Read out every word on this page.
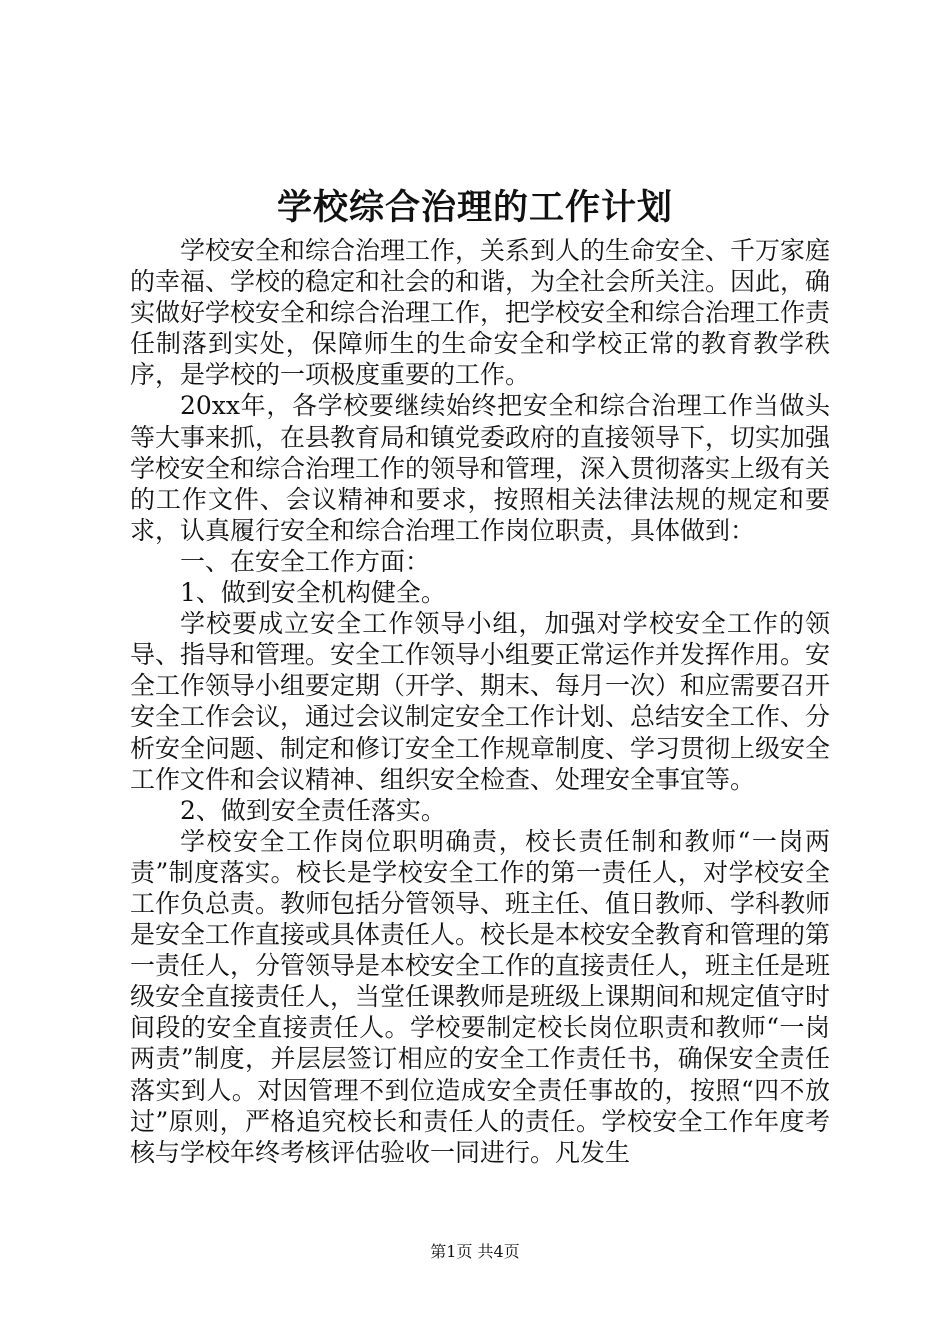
学校综合治理的工作计划

学校安全和综合治理工作，关系到人的生命安全、千万家庭的幸福、学校的稳定和社会的和谐，为全社会所关注。因此，确实做好学校安全和综合治理工作，把学校安全和综合治理工作责任制落到实处，保障师生的生命安全和学校正常的教育教学秩序，是学校的一项极度重要的工作。

20xx年，各学校要继续始终把安全和综合治理工作当做头等大事来抓，在县教育局和镇党委政府的直接领导下，切实加强学校安全和综合治理工作的领导和管理，深入贯彻落实上级有关的工作文件、会议精神和要求，按照相关法律法规的规定和要求，认真履行安全和综合治理工作岗位职责，具体做到：

一、在安全工作方面：

1、做到安全机构健全。

学校要成立安全工作领导小组，加强对学校安全工作的领导、指导和管理。安全工作领导小组要正常运作并发挥作用。安全工作领导小组要定期（开学、期末、每月一次）和应需要召开安全工作会议，通过会议制定安全工作计划、总结安全工作、分析安全问题、制定和修订安全工作规章制度、学习贯彻上级安全工作文件和会议精神、组织安全检查、处理安全事宜等。

2、做到安全责任落实。

学校安全工作岗位职明确责，校长责任制和教师“一岗两责”制度落实。校长是学校安全工作的第一责任人，对学校安全工作负总责。教师包括分管领导、班主任、值日教师、学科教师是安全工作直接或具体责任人。校长是本校安全教育和管理的第一责任人，分管领导是本校安全工作的直接责任人，班主任是班级安全直接责任人，当堂任课教师是班级上课期间和规定值守时间段的安全直接责任人。学校要制定校长岗位职责和教师“一岗两责”制度，并层层签订相应的安全工作责任书，确保安全责任落实到人。对因管理不到位造成安全责任事故的，按照“四不放过”原则，严格追究校长和责任人的责任。学校安全工作年度考核与学校年终考核评估验收一同进行。凡发生

第1页 共4页
